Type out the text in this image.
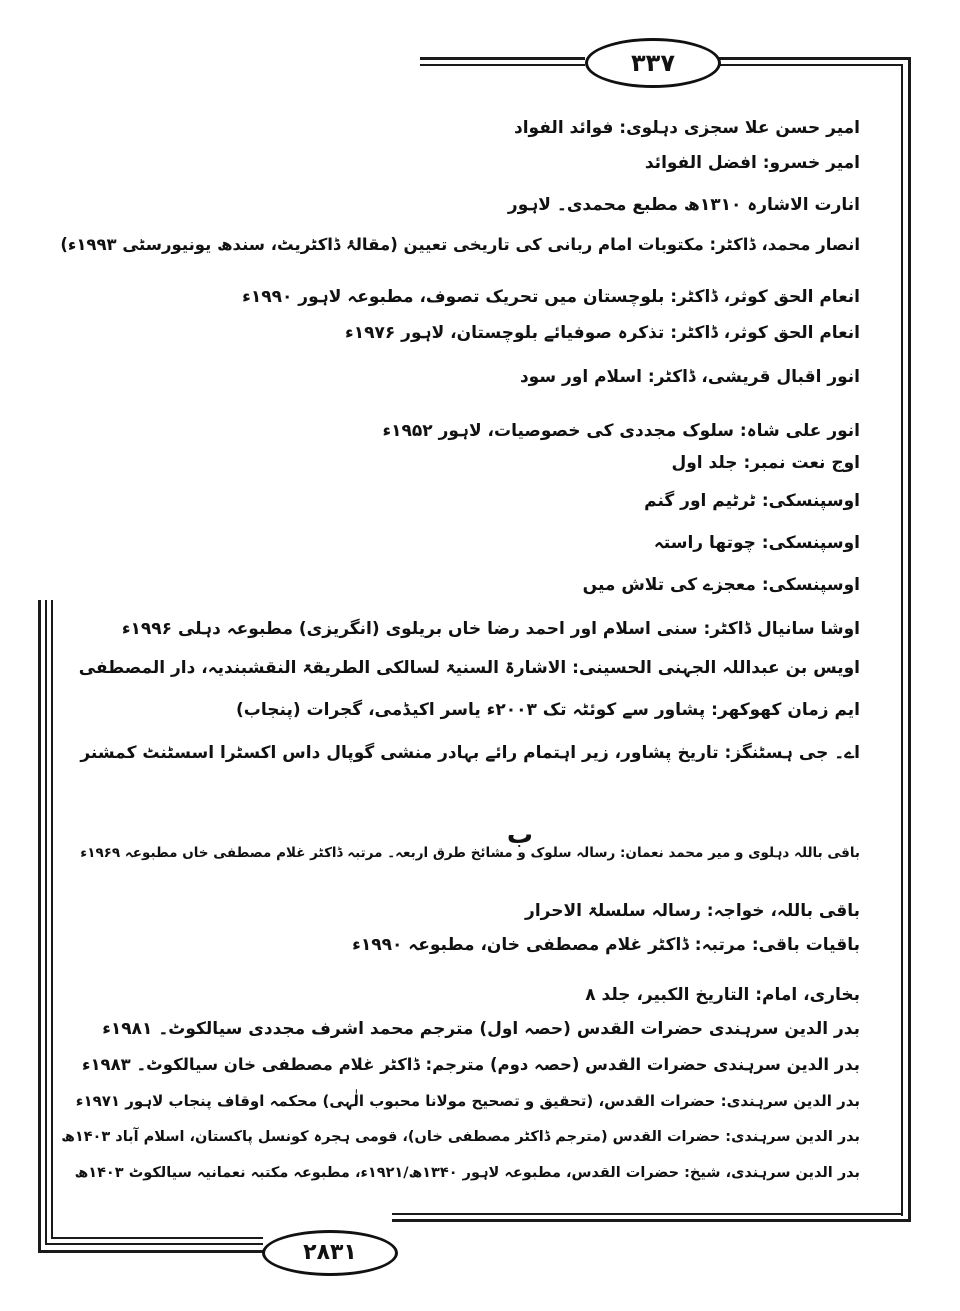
۳۳۷
۲۸۳۱
امیر حسن علا سجزی دہلوی: فوائد الفواد
امیر خسرو: افضل الفوائد
انارت الاشارہ ۱۳۱۰ھ مطبع محمدی۔ لاہور
انصار محمد، ڈاکٹر: مکتوبات امام ربانی کی تاریخی تعیین (مقالۂ ڈاکٹریٹ، سندھ یونیورسٹی ۱۹۹۳ء)
انعام الحق کوثر، ڈاکٹر: بلوچستان میں تحریک تصوف، مطبوعہ لاہور ۱۹۹۰ء
انعام الحق کوثر، ڈاکٹر: تذکرہ صوفیائے بلوچستان، لاہور ۱۹۷۶ء
انور اقبال قریشی، ڈاکٹر: اسلام اور سود
انور علی شاہ: سلوک مجددی کی خصوصیات، لاہور ۱۹۵۲ء
اوج نعت نمبر: جلد اول
اوسپنسکی: ٹرٹیم اور گنم
اوسپنسکی: چوتھا راستہ
اوسپنسکی: معجزے کی تلاش میں
اوشا سانیال ڈاکٹر: سنی اسلام اور احمد رضا خاں بریلوی (انگریزی) مطبوعہ دہلی ۱۹۹۶ء
اویس بن عبداللہ الجہنی الحسینی: الاشارۃ السنیۃ لسالکی الطریقۃ النقشبندیہ، دار المصطفی
ایم زمان کھوکھر: پشاور سے کوئٹہ تک ۲۰۰۳ء یاسر اکیڈمی، گجرات (پنجاب)
اے۔ جی ہسٹنگز: تاریخ پشاور، زیر اہتمام رائے بہادر منشی گوپال داس اکسٹرا اسسٹنٹ کمشنر
ب
باقی باللہ دہلوی و میر محمد نعمان: رسالہ سلوک و مشائخ طرق اربعہ۔ مرتبہ ڈاکٹر غلام مصطفی خاں مطبوعہ ۱۹۶۹ء
باقی باللہ، خواجہ: رسالہ سلسلۃ الاحرار
باقیات باقی: مرتبہ: ڈاکٹر غلام مصطفی خان، مطبوعہ ۱۹۹۰ء
بخاری، امام: التاریخ الکبیر، جلد ۸
بدر الدین سرہندی حضرات القدس (حصہ اول) مترجم محمد اشرف مجددی سیالکوٹ۔ ۱۹۸۱ء
بدر الدین سرہندی حضرات القدس (حصہ دوم) مترجم: ڈاکٹر غلام مصطفی خان سیالکوٹ۔ ۱۹۸۳ء
بدر الدین سرہندی: حضرات القدس، (تحقیق و تصحیح مولانا محبوب الٰہی) محکمہ اوقاف پنجاب لاہور ۱۹۷۱ء
بدر الدین سرہندی: حضرات القدس (مترجم ڈاکٹر مصطفی خاں)، قومی ہجرہ کونسل پاکستان، اسلام آباد ۱۴۰۳ھ
بدر الدین سرہندی، شیخ: حضرات القدس، مطبوعہ لاہور ۱۳۴۰ھ/۱۹۲۱ء، مطبوعہ مکتبہ نعمانیہ سیالکوٹ ۱۴۰۳ھ
